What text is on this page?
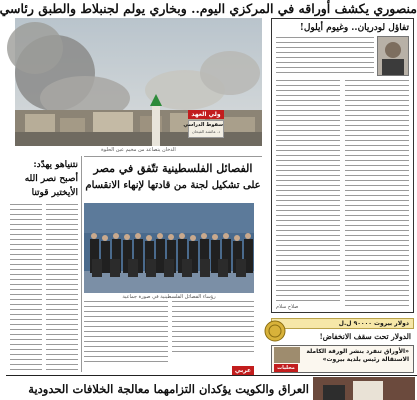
منصوري يكشف أوراقه في المركزي اليوم.. وبخاري يولم لجنبلاط والطبق رئاسي
ولي العهد
سقوط الدراسي
د. عائشة الفيحان
الدخان يتصاعد من مخيم عين الحلوة
تفاؤل لودريان.. وغيوم أيلول!
صلاح سلام
الفصائل الفلسطينية تتّفق في مصر
على تشكيل لجنة من قادتها لإنهاء الانقسام
رؤساء الفصائل الفلسطينية في صورة جماعية
عربي
نتنياهو يهدّد:
أصبح نصر الله
الأيختبر قوتنا
دولار بيروت ٩٠٠٠٠ ل.ل
الدولار تحت سقف الانخفاض!
«الأوراق تنفرد بنشر الورقة الكاملة الاستقالة رئيس بلدية بيروت»
محليات
العراق والكويت يؤكدان التزامهما معالجة الخلافات الحدودية
